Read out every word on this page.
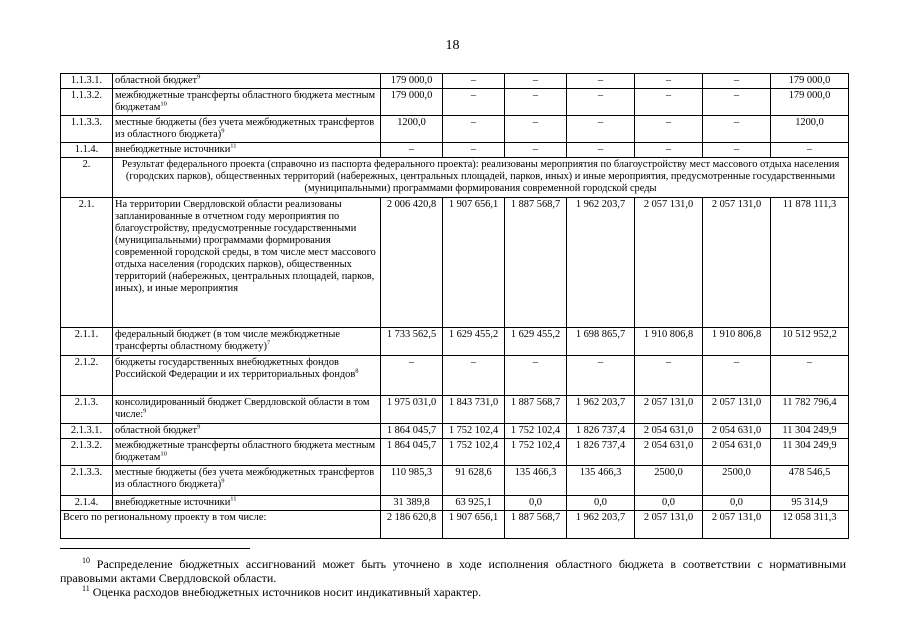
18
1.1.3.1.	областной бюджет$^9$	179 000,0	–	–	–	–	–	179 000,0
1.1.3.2.	межбюджетные трансферты областного бюджета местным бюджетам$^{10}$	179 000,0	–	–	–	–	–	179 000,0
1.1.3.3.	местные бюджеты (без учета межбюджетных трансфертов из областного бюджета)$^9$	1200,0	–	–	–	–	–	1200,0
1.1.4.	внебюджетные источники$^{11}$	–	–	–	–	–	–	–
2.	Результат федерального проекта (справочно из паспорта федерального проекта): реализованы мероприятия по благоустройству мест массового отдыха населения (городских парков), общественных территорий (набережных, центральных площадей, парков, иных) и иные мероприятия, предусмотренные государственными (муниципальными) программами формирования современной городской среды							
2.1.	На территории Свердловской области реализованы запланированные в отчетном году мероприятия по благоустройству, предусмотренные государственными (муниципальными) программами формирования современной городской среды, в том числе мест массового отдыха населения (городских парков), общественных территорий (набережных, центральных площадей, парков, иных), и иные мероприятия	2 006 420,8	1 907 656,1	1 887 568,7	1 962 203,7	2 057 131,0	2 057 131,0	11 878 111,3
2.1.1.	федеральный бюджет (в том числе межбюджетные трансферты областному бюджету)$^7$	1 733 562,5	1 629 455,2	1 629 455,2	1 698 865,7	1 910 806,8	1 910 806,8	10 512 952,2
2.1.2.	бюджеты государственных внебюджетных фондов Российской Федерации и их территориальных фондов$^8$	–	–	–	–	–	–	–
2.1.3.	консолидированный бюджет Свердловской области в том числе:$^9$	1 975 031,0	1 843 731,0	1 887 568,7	1 962 203,7	2 057 131,0	2 057 131,0	11 782 796,4
2.1.3.1.	областной бюджет$^9$	1 864 045,7	1 752 102,4	1 752 102,4	1 826 737,4	2 054 631,0	2 054 631,0	11 304 249,9
2.1.3.2.	межбюджетные трансферты областного бюджета местным бюджетам$^{10}$	1 864 045,7	1 752 102,4	1 752 102,4	1 826 737,4	2 054 631,0	2 054 631,0	11 304 249,9
2.1.3.3.	местные бюджеты (без учета межбюджетных трансфертов из областного бюджета)$^9$	110 985,3	91 628,6	135 466,3	135 466,3	2500,0	2500,0	478 546,5
2.1.4.	внебюджетные источники$^{11}$	31 389,8	63 925,1	0,0	0,0	0,0	0,0	95 314,9
Всего по региональному проекту в том числе:		2 186 620,8	1 907 656,1	1 887 568,7	1 962 203,7	2 057 131,0	2 057 131,0	12 058 311,3
$^{10}$ Распределение бюджетных ассигнований может быть уточнено в ходе исполнения областного бюджета в соответствии с нормативными правовыми актами Свердловской области.
$^{11}$ Оценка расходов внебюджетных источников носит индикативный характер.
